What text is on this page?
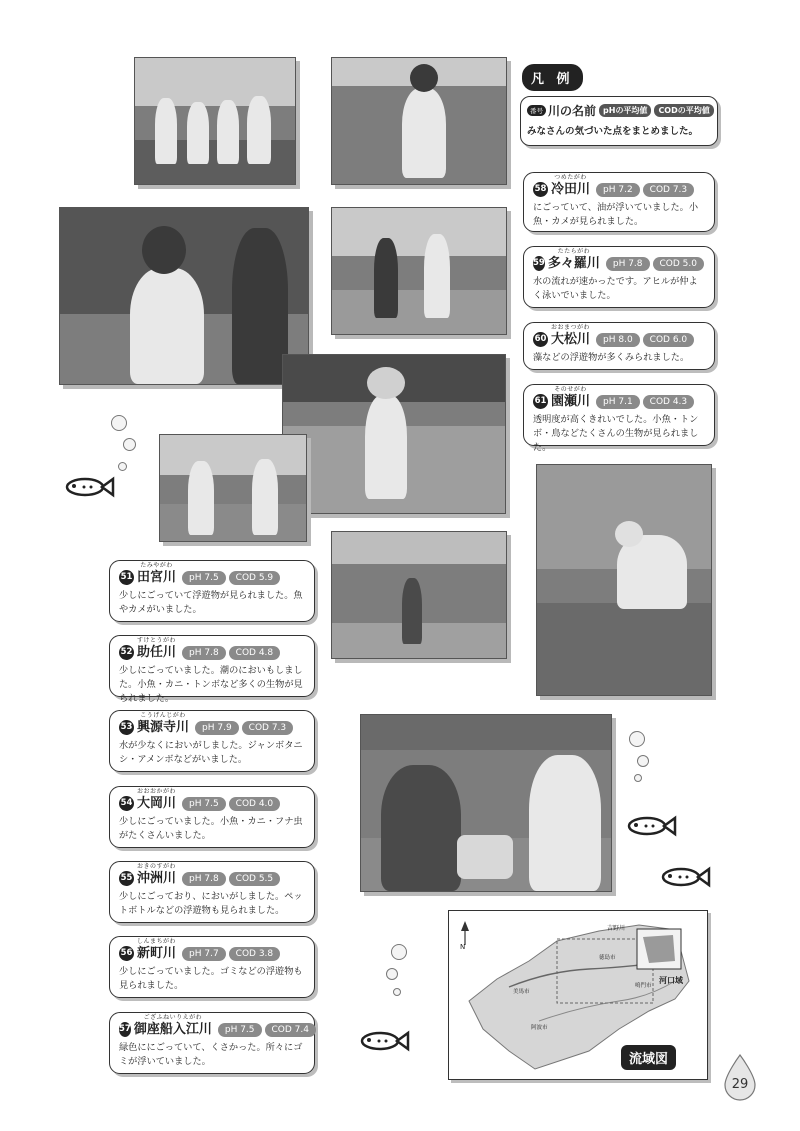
凡 例
番号 川の名前 pHの平均値	CODの平均値
みなさんの気づいた点をまとめました。
58
つめたがわ
冷田川	pH 7.2	COD 7.3
にごっていて、油が浮いていました。小魚・カメが見られました。
59
たたらがわ
多々羅川	pH 7.8	COD 5.0
水の流れが速かったです。アヒルが仲よく泳いでいました。
60
おおまつがわ
大松川	pH 8.0	COD 6.0
藻などの浮遊物が多くみられました。
61
そのせがわ
園瀬川	pH 7.1	COD 4.3
透明度が高くきれいでした。小魚・トンボ・鳥などたくさんの生物が見られました。
51
たみやがわ
田宮川	pH 7.5	COD 5.9
少しにごっていて浮遊物が見られました。魚やカメがいました。
52
すけとうがわ
助任川	pH 7.8	COD 4.8
少しにごっていました。潮のにおいもしました。小魚・カニ・トンボなど多くの生物が見られました。
53
こうげんじがわ
興源寺川	pH 7.9	COD 7.3
水が少なくにおいがしました。ジャンボタニシ・アメンボなどがいました。
54
おおおかがわ
大岡川	pH 7.5	COD 4.0
少しにごっていました。小魚・カニ・フナ虫がたくさんいました。
55
おきのすがわ
沖洲川	pH 7.8	COD 5.5
少しにごっており、においがしました。ペットボトルなどの浮遊物も見られました。
56
しんまちがわ
新町川	pH 7.7	COD 3.8
少しにごっていました。ゴミなどの浮遊物も見られました。
57
ござふねいりえがわ
御座船入江川	pH 7.5	COD 7.4
緑色ににごっていて、くさかった。所々にゴミが浮いていました。
N
吉野川
河口域
徳島市
鳴門市
美馬市
阿波市
流域図
29
